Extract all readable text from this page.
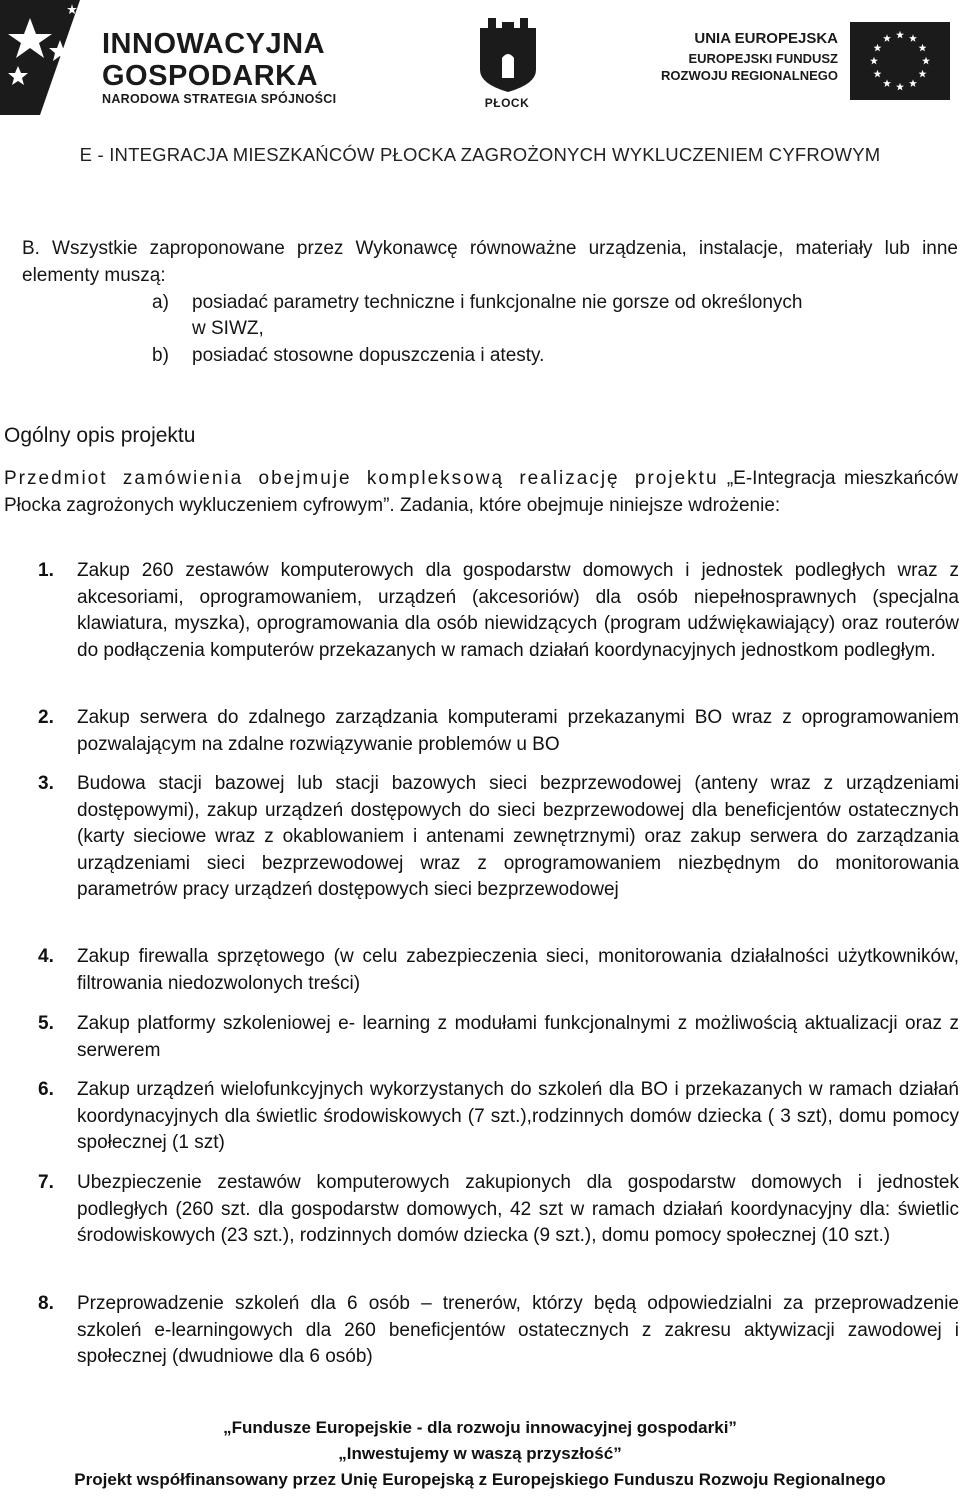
INNOWACYJNA
GOSPODARKA
NARODOWA STRATEGIA SPÓJNOŚCI	PŁOCK
UNIA EUROPEJSKA
EUROPEJSKI FUNDUSZ
ROZWOJU REGIONALNEGO
E - INTEGRACJA MIESZKAŃCÓW PŁOCKA ZAGROŻONYCH WYKLUCZENIEM CYFROWYM
B. Wszystkie zaproponowane przez Wykonawcę równoważne urządzenia, instalacje, materiały lub inne elementy muszą:
a) posiadać parametry techniczne i funkcjonalne nie gorsze od określonych
w SIWZ,
b) posiadać stosowne dopuszczenia i atesty.
Ogólny opis projektu
Przedmiot zamówienia obejmuje kompleksową realizację projektu „E-Integracja mieszkańców Płocka zagrożonych wykluczeniem cyfrowym”. Zadania, które obejmuje niniejsze wdrożenie:
1. Zakup 260 zestawów komputerowych dla gospodarstw domowych i jednostek podległych wraz z akcesoriami, oprogramowaniem, urządzeń (akcesoriów) dla osób niepełnosprawnych (specjalna klawiatura, myszka), oprogramowania dla osób niewidzących (program udźwiękawiający) oraz routerów do podłączenia komputerów przekazanych w ramach działań koordynacyjnych jednostkom podległym.
2. Zakup serwera do zdalnego zarządzania komputerami przekazanymi BO wraz z oprogramowaniem pozwalającym na zdalne rozwiązywanie problemów u BO
3. Budowa stacji bazowej lub stacji bazowych sieci bezprzewodowej (anteny wraz z urządzeniami dostępowymi), zakup urządzeń dostępowych do sieci bezprzewodowej dla beneficjentów ostatecznych (karty sieciowe wraz z okablowaniem i antenami zewnętrznymi) oraz zakup serwera do zarządzania urządzeniami sieci bezprzewodowej wraz z oprogramowaniem niezbędnym do monitorowania parametrów pracy urządzeń dostępowych sieci bezprzewodowej
4. Zakup firewalla sprzętowego (w celu zabezpieczenia sieci, monitorowania działalności użytkowników, filtrowania niedozwolonych treści)
5. Zakup platformy szkoleniowej e- learning z modułami funkcjonalnymi z możliwością aktualizacji oraz z serwerem
6. Zakup urządzeń wielofunkcyjnych wykorzystanych do szkoleń dla BO i przekazanych w ramach działań koordynacyjnych dla świetlic środowiskowych (7 szt.),rodzinnych domów dziecka ( 3 szt), domu pomocy społecznej (1 szt)
7. Ubezpieczenie zestawów komputerowych zakupionych dla gospodarstw domowych i jednostek podległych (260 szt. dla gospodarstw domowych, 42 szt w ramach działań koordynacyjny dla: świetlic środowiskowych (23 szt.), rodzinnych domów dziecka (9 szt.), domu pomocy społecznej (10 szt.)
8. Przeprowadzenie szkoleń dla 6 osób – trenerów, którzy będą odpowiedzialni za przeprowadzenie szkoleń e-learningowych dla 260 beneficjentów ostatecznych z zakresu aktywizacji zawodowej i społecznej (dwudniowe dla 6 osób)
„Fundusze Europejskie - dla rozwoju innowacyjnej gospodarki”
„Inwestujemy w waszą przyszłość”
Projekt współfinansowany przez Unię Europejską z Europejskiego Funduszu Rozwoju Regionalnego
